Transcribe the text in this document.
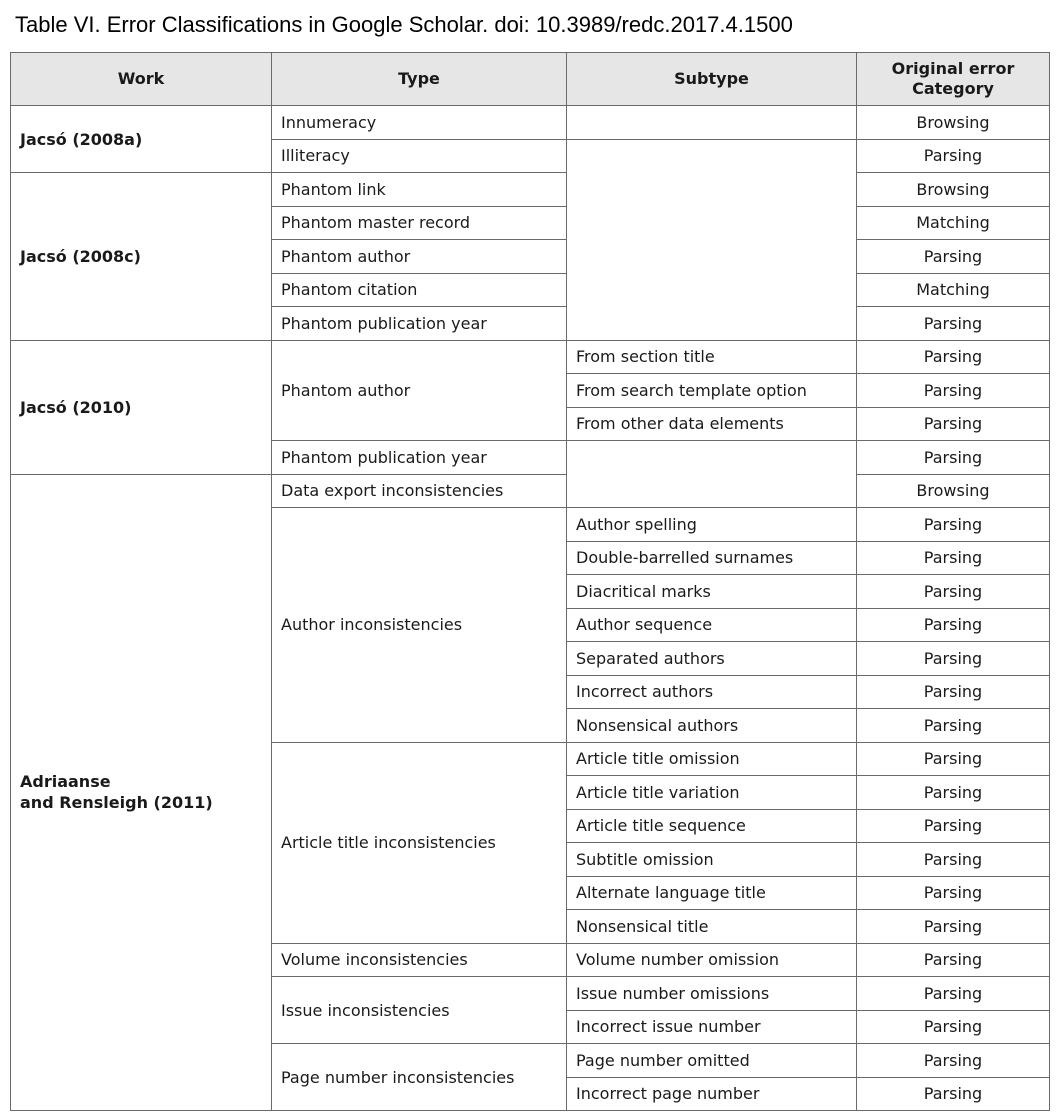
Table VI. Error Classifications in Google Scholar. doi: 10.3989/redc.2017.4.1500
Work	Type	Subtype	Original error
Category
Jacsó (2008a)	Innumeracy		Browsing
	Illiteracy		Parsing
Jacsó (2008c)	Phantom link		Browsing
	Phantom master record		Matching
	Phantom author		Parsing
	Phantom citation		Matching
	Phantom publication year		Parsing
Jacsó (2010)	Phantom author	From section title	Parsing
		From search template option	Parsing
		From other data elements	Parsing
	Phantom publication year		Parsing
Adriaanse
and Rensleigh (2011)	Data export inconsistencies		Browsing
	Author inconsistencies	Author spelling	Parsing
		Double-barrelled surnames	Parsing
		Diacritical marks	Parsing
		Author sequence	Parsing
		Separated authors	Parsing
		Incorrect authors	Parsing
		Nonsensical authors	Parsing
	Article title inconsistencies	Article title omission	Parsing
		Article title variation	Parsing
		Article title sequence	Parsing
		Subtitle omission	Parsing
		Alternate language title	Parsing
		Nonsensical title	Parsing
	Volume inconsistencies	Volume number omission	Parsing
	Issue inconsistencies	Issue number omissions	Parsing
		Incorrect issue number	Parsing
	Page number inconsistencies	Page number omitted	Parsing
		Incorrect page number	Parsing
